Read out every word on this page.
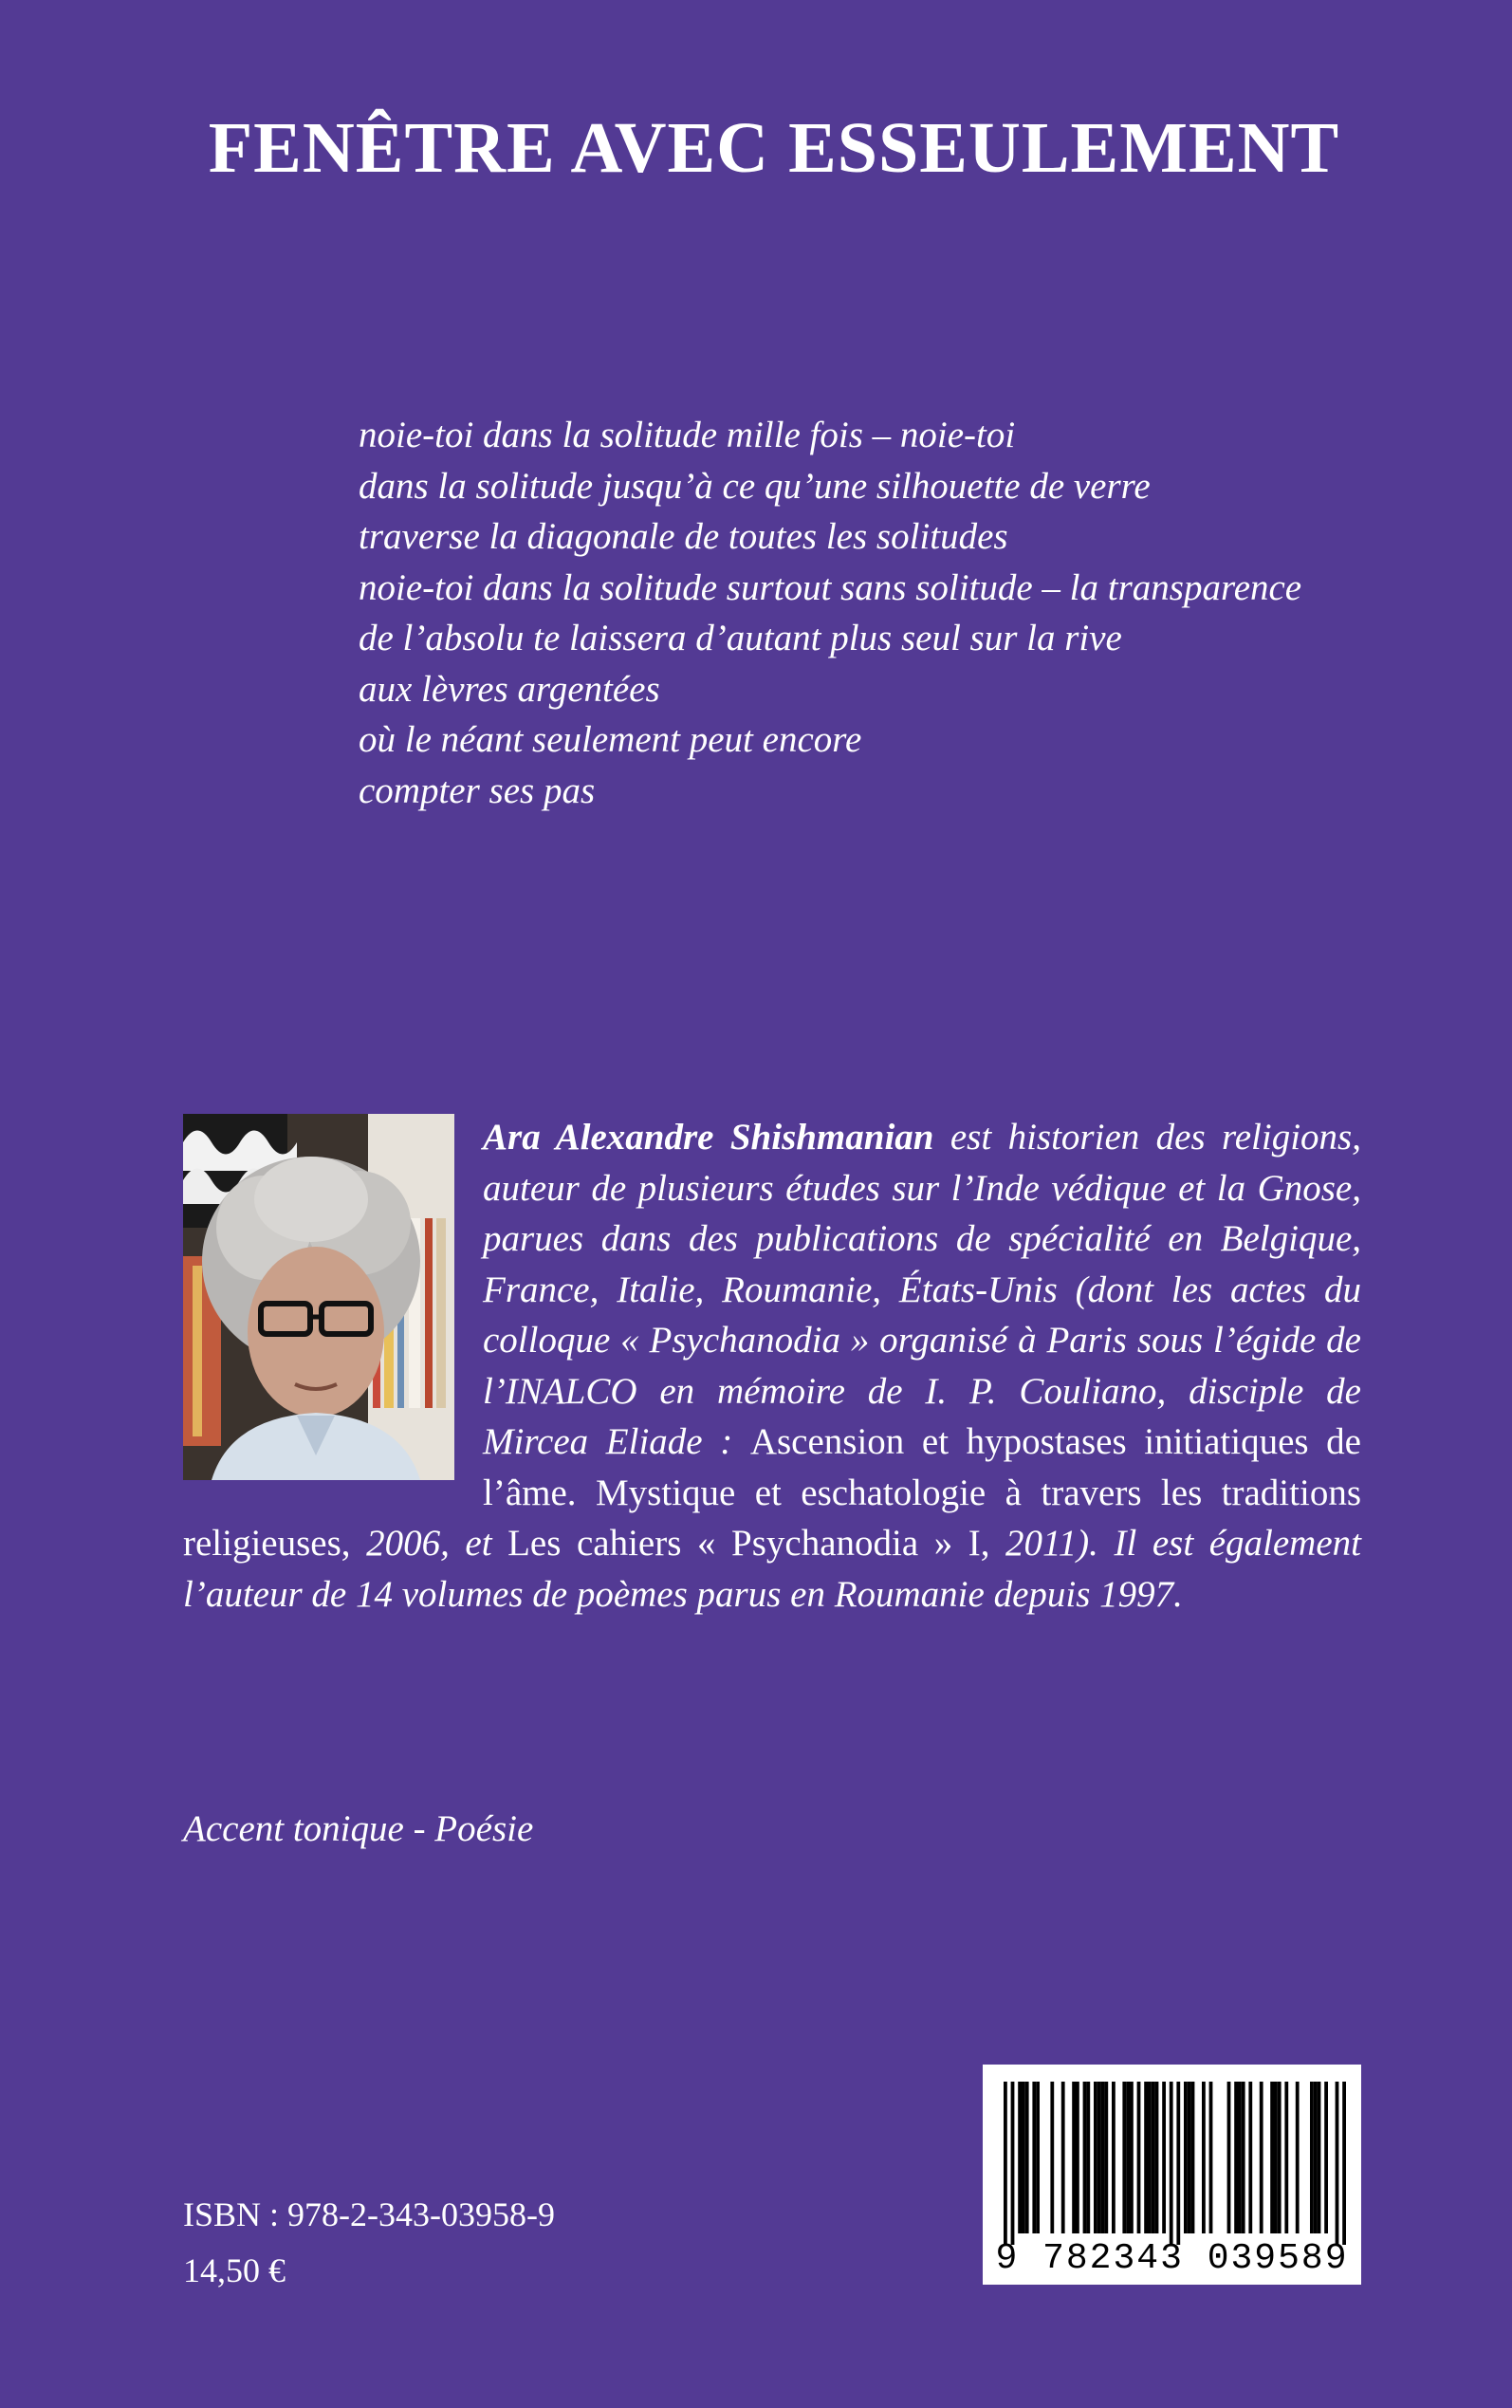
FENÊTRE AVEC ESSEULEMENT
noie-toi dans la solitude mille fois – noie-toi
dans la solitude jusqu’à ce qu’une silhouette de verre
traverse la diagonale de toutes les solitudes
noie-toi dans la solitude surtout sans solitude – la transparence
de l’absolu te laissera d’autant plus seul sur la rive
aux lèvres argentées
où le néant seulement peut encore
compter ses pas

Ara Alexandre Shishmanian est historien des religions, auteur de plusieurs études sur l’Inde védique et la Gnose, parues dans des publications de spécialité en Belgique, France, Italie, Roumanie, États-Unis (dont les actes du colloque « Psychanodia » organisé à Paris sous l’égide de l’INALCO en mémoire de I. P. Couliano, disciple de Mircea Eliade : Ascension et hypostases initiatiques de l’âme. Mystique et eschatologie à travers les traditions religieuses, 2006, et Les cahiers « Psychanodia » I, 2011). Il est également l’auteur de 14 volumes de poèmes parus en Roumanie depuis 1997.

Accent tonique - Poésie
ISBN : 978-2-343-03958-9
14,50 €	9 782343 039589
